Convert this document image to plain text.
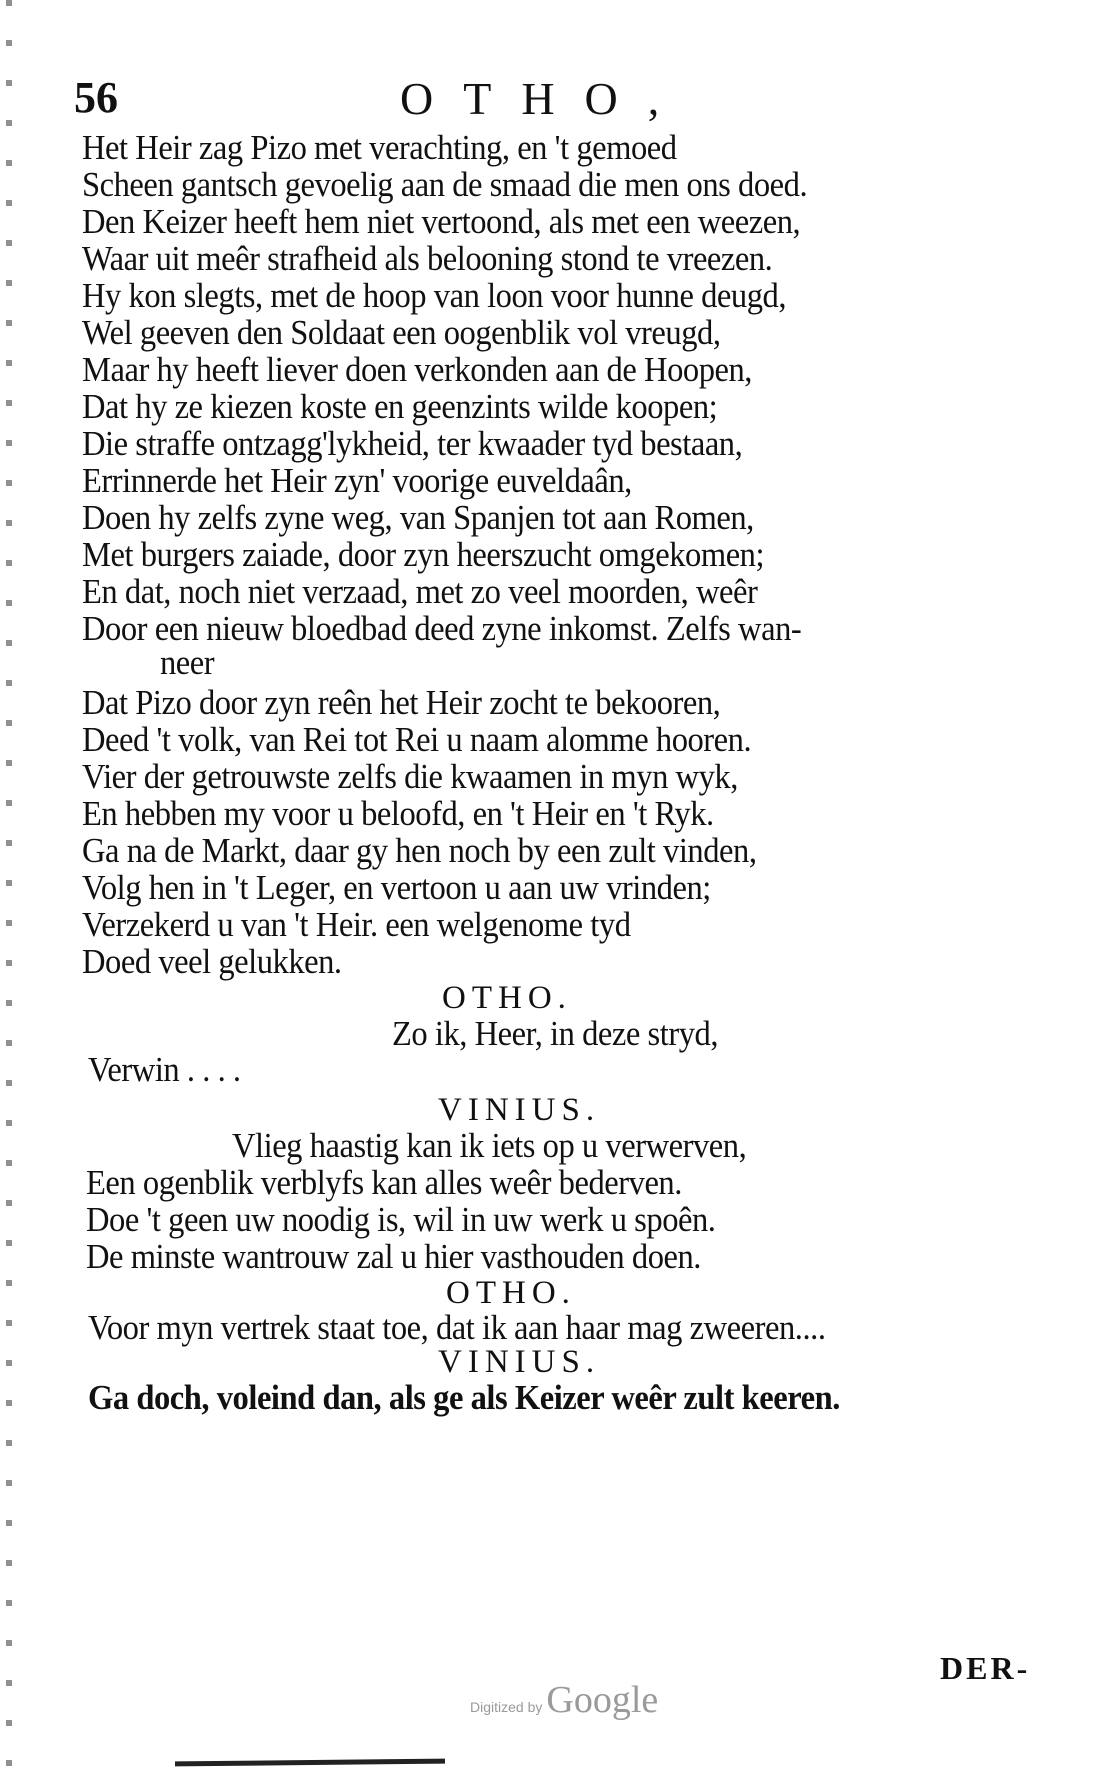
56	OTHO,
Het Heir zag Pizo met verachting, en 't gemoed
Scheen gantsch gevoelig aan de smaad die men ons doed.
Den Keizer heeft hem niet vertoond, als met een weezen,
Waar uit meêr strafheid als belooning stond te vreezen.
Hy kon slegts, met de hoop van loon voor hunne deugd,
Wel geeven den Soldaat een oogenblik vol vreugd,
Maar hy heeft liever doen verkonden aan de Hoopen,
Dat hy ze kiezen koste en geenzints wilde koopen;
Die straffe ontzagg'lykheid, ter kwaader tyd bestaan,
Errinnerde het Heir zyn' voorige euveldaân,
Doen hy zelfs zyne weg, van Spanjen tot aan Romen,
Met burgers zaiade, door zyn heerszucht omgekomen;
En dat, noch niet verzaad, met zo veel moorden, weêr
Door een nieuw bloedbad deed zyne inkomst. Zelfs wan-
neer
Dat Pizo door zyn reên het Heir zocht te bekooren,
Deed 't volk, van Rei tot Rei u naam alomme hooren.
Vier der getrouwste zelfs die kwaamen in myn wyk,
En hebben my voor u beloofd, en 't Heir en 't Ryk.
Ga na de Markt, daar gy hen noch by een zult vinden,
Volg hen in 't Leger, en vertoon u aan uw vrinden;
Verzekerd u van 't Heir. een welgenome tyd
Doed veel gelukken.
OTHO.
Zo ik, Heer, in deze stryd,
Verwin . . . .
VINIUS.
Vlieg haastig kan ik iets op u verwerven,
Een ogenblik verblyfs kan alles weêr bederven.
Doe 't geen uw noodig is, wil in uw werk u spoên.
De minste wantrouw zal u hier vasthouden doen.
OTHO.
Voor myn vertrek staat toe, dat ik aan haar mag zweeren....
VINIUS.
Ga doch, voleind dan, als ge als Keizer weêr zult keeren.
DER-
Digitized by Google
